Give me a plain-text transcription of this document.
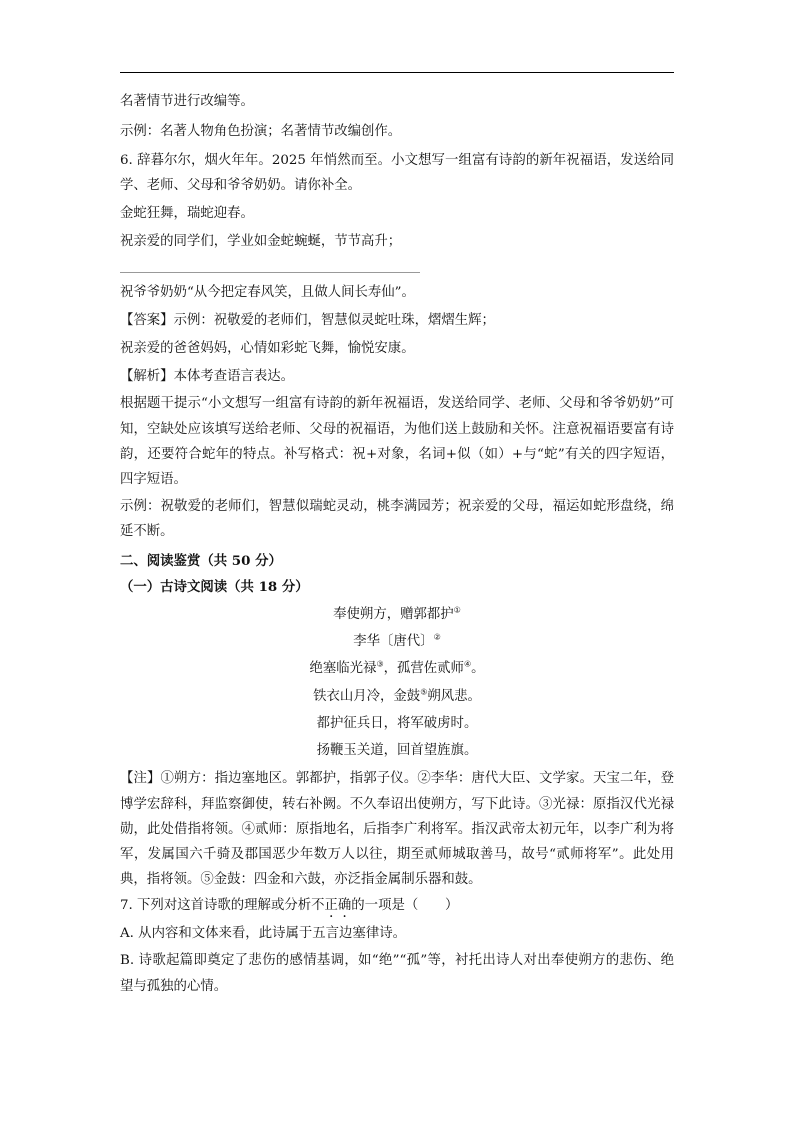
名著情节进行改编等。
示例：名著人物角色扮演；名著情节改编创作。
6. 辞暮尔尔，烟火年年。2025 年悄然而至。小文想写一组富有诗韵的新年祝福语，发送给同学、老师、父母和爷爷奶奶。请你补全。
金蛇狂舞，瑞蛇迎春。
祝亲爱的同学们，学业如金蛇蜿蜒，节节高升；
祝爷爷奶奶“从今把定春风笑，且做人间长寿仙”。
【答案】示例：祝敬爱的老师们，智慧似灵蛇吐珠，熠熠生辉；
祝亲爱的爸爸妈妈，心情如彩蛇飞舞，愉悦安康。
【解析】本体考查语言表达。
根据题干提示“小文想写一组富有诗韵的新年祝福语，发送给同学、老师、父母和爷爷奶奶”可知，空缺处应该填写送给老师、父母的祝福语，为他们送上鼓励和关怀。注意祝福语要富有诗韵，还要符合蛇年的特点。补写格式：祝+对象，名词+似（如）+与“蛇”有关的四字短语，四字短语。
示例：祝敬爱的老师们，智慧似瑞蛇灵动，桃李满园芳；祝亲爱的父母，福运如蛇形盘绕，绵延不断。
二、阅读鉴赏（共 50 分）
（一）古诗文阅读（共 18 分）
奉使朔方，赠郭都护①
李华〔唐代〕②
绝塞临光禄③，孤营佐贰师④。
铁衣山月冷，金鼓⑤朔风悲。
都护征兵日，将军破虏时。
扬鞭玉关道，回首望旌旗。
【注】①朔方：指边塞地区。郭都护，指郭子仪。②李华：唐代大臣、文学家。天宝二年，登博学宏辞科，拜监察御使，转右补阙。不久奉诏出使朔方，写下此诗。③光禄：原指汉代光禄勋，此处借指将领。④贰师：原指地名，后指李广利将军。指汉武帝太初元年，以李广利为将军，发属国六千骑及郡国恶少年数万人以往，期至贰师城取善马，故号“贰师将军”。此处用典，指将领。⑤金鼓：四金和六鼓，亦泛指金属制乐器和鼓。
7. 下列对这首诗歌的理解或分析不正确的一项是（　　）
A. 从内容和文体来看，此诗属于五言边塞律诗。
B. 诗歌起篇即奠定了悲伤的感情基调，如“绝”“孤”等，衬托出诗人对出奉使朔方的悲伤、绝望与孤独的心情。
